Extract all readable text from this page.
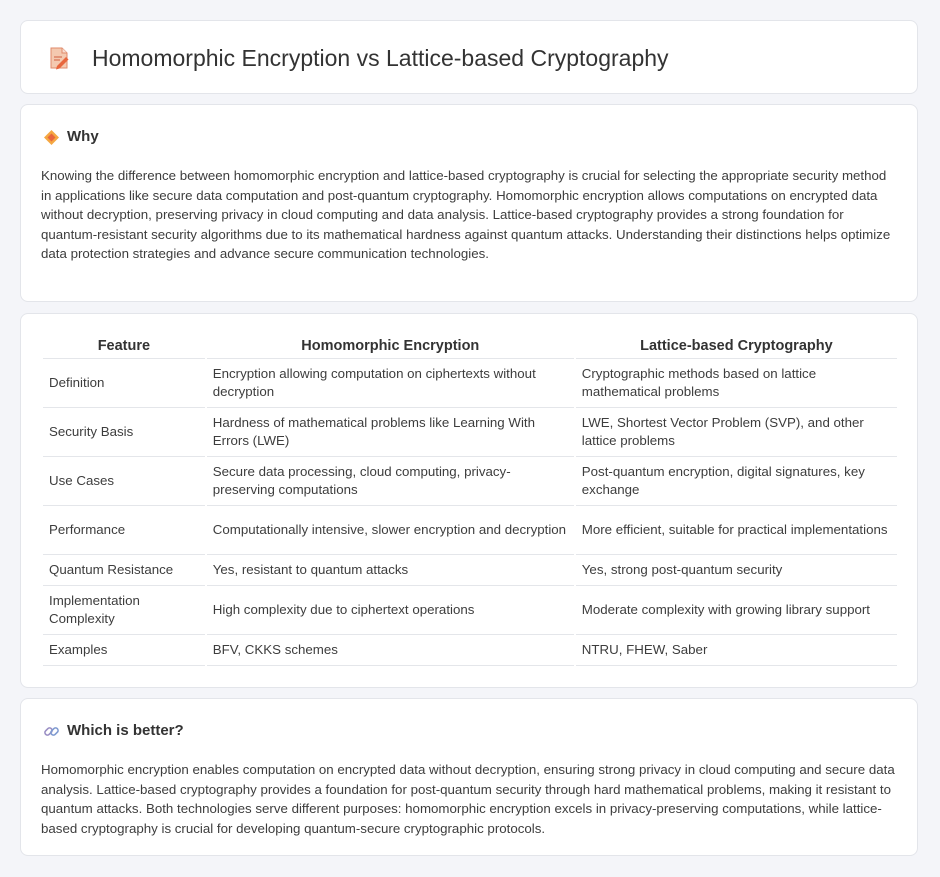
Homomorphic Encryption vs Lattice-based Cryptography
Why

Knowing the difference between homomorphic encryption and lattice-based cryptography is crucial for selecting the appropriate security method in applications like secure data computation and post-quantum cryptography. Homomorphic encryption allows computations on encrypted data without decryption, preserving privacy in cloud computing and data analysis. Lattice-based cryptography provides a strong foundation for quantum-resistant security algorithms due to its mathematical hardness against quantum attacks. Understanding their distinctions helps optimize data protection strategies and advance secure communication technologies.

Feature	Homomorphic Encryption	Lattice-based Cryptography
Definition	Encryption allowing computation on ciphertexts without decryption	Cryptographic methods based on lattice mathematical problems
Security Basis	Hardness of mathematical problems like Learning With Errors (LWE)	LWE, Shortest Vector Problem (SVP), and other lattice problems
Use Cases	Secure data processing, cloud computing, privacy-preserving computations	Post-quantum encryption, digital signatures, key exchange
Performance	Computationally intensive, slower encryption and decryption	More efficient, suitable for practical implementations
Quantum Resistance	Yes, resistant to quantum attacks	Yes, strong post-quantum security
Implementation Complexity	High complexity due to ciphertext operations	Moderate complexity with growing library support
Examples	BFV, CKKS schemes	NTRU, FHEW, Saber
Which is better?

Homomorphic encryption enables computation on encrypted data without decryption, ensuring strong privacy in cloud computing and secure data analysis. Lattice-based cryptography provides a foundation for post-quantum security through hard mathematical problems, making it resistant to quantum attacks. Both technologies serve different purposes: homomorphic encryption excels in privacy-preserving computations, while lattice-based cryptography is crucial for developing quantum-secure cryptographic protocols.
